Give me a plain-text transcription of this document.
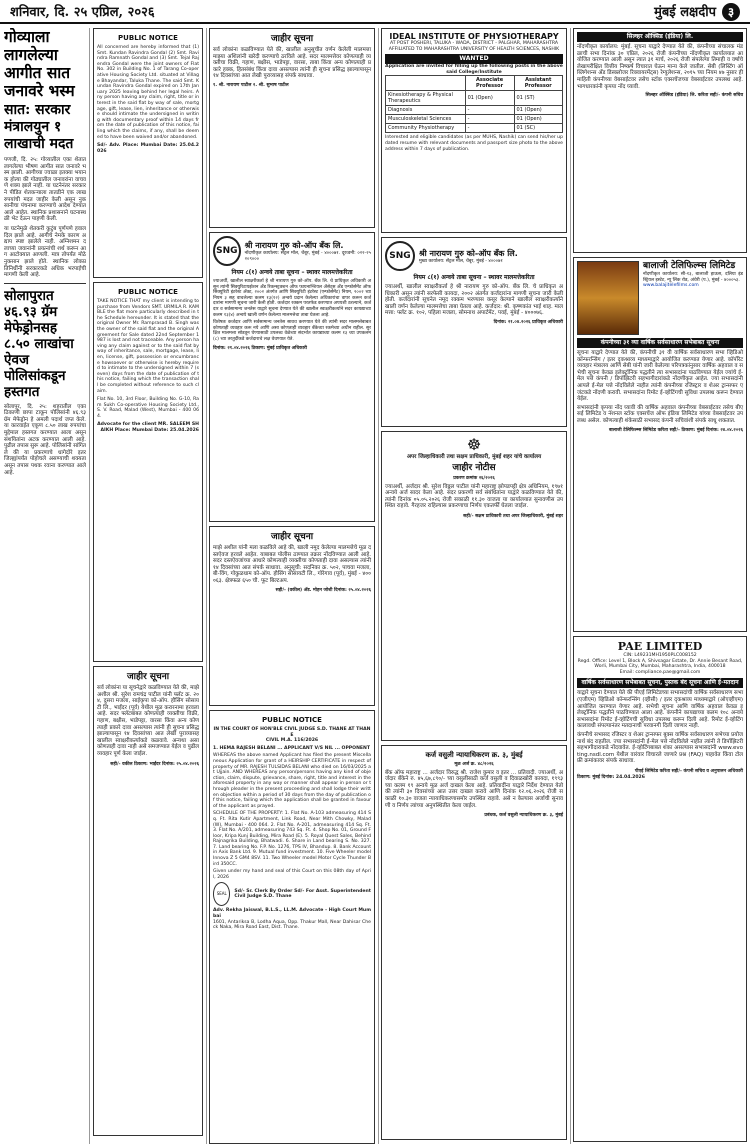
शनिवार, दि. २५ एप्रिल, २०२६	मुंबई लक्षदीप ३
गोव्याला लागलेल्या आगीत सात जनावरे भस्म
सात: सरकार मंत्रालयुन १ लाखाची मदत
पणजी, दि. २५: गोव्यातील एका शेतात लागलेल्या भीषण आगीत सात जनावरे भस्म झाली. आगीच्या ज्वाळा इतक्या भयानक होत्या की गोठ्यातील जनावरांना वाचवणे शक्य झाले नाही. या घटनेनंतर सरकारने पीडित शेतकऱ्याला तातडीने एक लाख रुपयांची मदत जाहीर केली असून नुकसानीचा पंचनामा करण्याचे आदेश देण्यात आले आहेत. स्थानिक प्रशासनाने घटनास्थळी भेट देऊन पाहणी केली.
या घटनेमुळे शेतकरी कुटुंब पूर्णपणे हवालदिल झाले आहे. आगीचे नेमके कारण अद्याप स्पष्ट झालेले नाही. अग्निशमन दलाच्या जवानांनी प्रयत्नांची शर्थ करून आग आटोक्यात आणली. मात्र तोपर्यंत मोठे नुकसान झाले होते. स्थानिक लोकप्रतिनिधींनी सरकारकडे अधिक भरपाईची मागणी केली आहे.
सोलापुरात ४६.९३ ग्रॅम मेफेड्रोनसह ८.५० लाखांचा ऐवज पोलिसांकडून हस्तगत
सोलापूर, दि. २५: शहरातील एका ठिकाणी छापा टाकून पोलिसांनी ४६.९३ ग्रॅम मेफेड्रोन हे अमली पदार्थ जप्त केले. या कारवाईत एकूण ८.५० लाख रुपयांचा मुद्देमाल हस्तगत करण्यात आला असून संशयितांना अटक करण्यात आली आहे. पुढील तपास सुरू आहे. पोलिसांनी सांगितले की या प्रकरणाचे धागेदोरे इतर जिल्ह्यांपर्यंत पोहोचले असण्याची शक्यता असून तपास पथक रवाना करण्यात आले आहे.
PUBLIC NOTICE
All concerned are hereby informed that (1) Smt. Kundan Ravindra Gondal (2) Smt. Ravindra Ramnath Gondal and (3) Smt. Tejal Rajendra Gondal were the joint owners of Flat No. 302 in Building No. 1 of Tarang Co-operative Housing Society Ltd. situated at Village Bhayandar, Taluka Thane. The said Smt. Kundan Ravindra Gondal expired on 17th January 2025 leaving behind her legal heirs. Any person having any claim, right, title or interest in the said flat by way of sale, mortgage, gift, lease, lien, inheritance or otherwise should intimate the undersigned in writing with documentary proof within 14 days from the date of publication of this notice, failing which the claims, if any, shall be deemed to have been waived and/or abandoned.
Sd/- Adv. Place: Mumbai Date: 25.04.2026
PUBLIC NOTICE
TAKE NOTICE THAT my client is intending to purchase from Vendors SMT. URMILA R. KAMBLE the flat more particularly described in the Schedule hereunder. It is stated that the original Owner Mr. Ramprasad B. Singh was the owner of the said flat and the original Agreement for Sale dated 22nd September 1987 is lost and not traceable. Any person having any claim against or to the said flat by way of inheritance, sale, mortgage, lease, lien, license, gift, possession or encumbrance howsoever or otherwise is hereby required to intimate to the undersigned within 7 (seven) days from the date of publication of this notice, failing which the transaction shall be completed without reference to such claim.
Flat No. 10, 3rd Floor, Building No. G-10, Ram Sukh Co-operative Housing Society Ltd., S. V. Road, Malad (West), Mumbai - 400 064.
Advocate for the client MR. SALEEM SHAIKH Place: Mumbai Date: 25.04.2026
जाहीर सूचना
सर्व लोकांना या सूचनेद्वारे कळविण्यात येते की, माझे अशील श्री. सुरेश रामचंद्र पाटील यांनी फ्लॅट क्र. २०४, दुसरा मजला, साईकृपा को-ऑप. हौसिंग सोसायटी लि., भाईंदर (पूर्व) येथील मूळ करारनामा हरवला आहे. सदर फ्लॅटबाबत कोणत्याही व्यक्तीचा विक्री, गहाण, बक्षीस, भाडेपट्टा, वारसा किंवा अन्य कोणत्याही प्रकारे दावा असल्यास त्यांनी ही सूचना प्रसिद्ध झाल्यापासून १४ दिवसांच्या आत लेखी पुराव्यासह खालील स्वाक्षरीकर्त्याकडे कळवावे. अन्यथा असा कोणताही दावा नाही असे समजण्यात येईल व पुढील व्यवहार पूर्ण केला जाईल.
सही/- वकील ठिकाण: भाईंदर दिनांक: २५.०४.२०२६
जाहीर सूचना
सर्व लोकांना कळविण्यात येते की, खालील अनुसूचीत वर्णन केलेली मालमत्ता माझ्या अशिलांनी खरेदी करण्याचे ठरविले आहे. सदर मालमत्तेवर कोणत्याही व्यक्तीचा विक्री, गहाण, बक्षीस, भाडेपट्टा, वारसा, ताबा किंवा अन्य कोणत्याही प्रकारे हक्क, हितसंबंध किंवा दावा असल्यास त्यांनी ही सूचना प्रसिद्ध झाल्यापासून १४ दिवसांच्या आत लेखी पुराव्यासह संपर्क साधावा.
१. श्री. नारायण पाटील २. श्री. सुभाष पाटील
SNG
श्री नारायण गुरु को-ऑप बँक लि.
नोंदणीकृत कार्यालय: सेंट्रल मॉल, चेंबूर, मुंबई - ४०००७१. दूरध्वनी: ०२२-२५२०९०००
नियम ८(१) अन्वये ताबा सूचना – स्थावर मालमत्तेकरिता
ज्याअर्थी, खालील स्वाक्षरीकर्ता हे श्री नारायण गुरु को-ऑप. बँक लि. चे प्राधिकृत अधिकारी असून त्यांनी सिक्युरिटायझेशन अँड रिकन्स्ट्रक्शन ऑफ फायनान्शियल ॲसेट्स अँड एन्फोर्समेंट ऑफ सिक्युरिटी इंटरेस्ट ॲक्ट, २००२ अंतर्गत आणि सिक्युरिटी इंटरेस्ट (एन्फोर्समेंट) नियम, २००२ च्या नियम ३ सह वाचलेल्या कलम १३(१२) अन्वये प्रदान केलेल्या अधिकारांचा वापर करून कर्जदारांना मागणी सूचना जारी केली होती. कर्जदार रक्कम परतफेड करण्यात अपयशी ठरल्याने, कर्जदार व सर्वसामान्य जनतेस याद्वारे सूचना देण्यात येते की खालील स्वाक्षरीकर्त्याने सदर कायद्याच्या कलम १३(४) अन्वये खाली वर्णन केलेल्या मालमत्तेचा ताबा घेतला आहे.
विशेषतः कर्जदार आणि सर्वसामान्य जनतेस सावध करण्यात येते की त्यांनी सदर मालमत्तेबाबत कोणताही व्यवहार करू नये आणि असा कोणताही व्यवहार बँकेच्या रकमेच्या अधीन राहील. सुरक्षित मालमत्ता सोडवून घेण्यासाठी उपलब्ध वेळेच्या संदर्भात कायद्याच्या कलम १३ च्या उपकलम (८) च्या तरतुदींकडे कर्जदाराचे लक्ष वेधण्यात येते.
दिनांक: २१.०४.२०२६ ठिकाण: मुंबई प्राधिकृत अधिकारी
जाहीर सूचना
माझे अशील यांनी मला कळविले आहे की, खाली नमूद केलेल्या मालमत्तेचे मूळ दस्तऐवज हरवले आहेत. याबाबत पोलीस ठाण्यात तक्रार नोंदविण्यात आली आहे. सदर दस्तऐवजांच्या आधारे कोणत्याही व्यक्तीचा कोणताही दावा असल्यास त्यांनी १४ दिवसांच्या आत संपर्क साधावा. अनुसूची: सदनिका क्र. ५०२, पाचवा मजला, बी-विंग, गोकुळधाम को-ऑप. हौसिंग सोसायटी लि., गोरेगाव (पूर्व), मुंबई - ४०००६३. क्षेत्रफळ ६५० चौ. फूट बिल्टअप.
सही/- (वकील) अ‍ॅड. मोहन जोशी दिनांक: २५.०४.२०२६
PUBLIC NOTICE
IN THE COURT OF HON'BLE CIVIL JUDGE S.D. THANE AT THANE
CIVIL M.A. 116/2026
1. HEMA RAJESH BELANI ... APPLICANT V/S NIL ... OPPONENT
WHEREAS the above named Applicant has filed the present Miscellaneous Application for grant of a HEIRSHIP CERTIFICATE in respect of property of MR. RAJESH TULSIDAS BELANI who died on 16/03/2025 at Ujjain. AND WHEREAS any person/persons having any kind of objection, claim, dispute, grievance, share, right, title and interest in the aforesaid property in any way or manner shall appear in person or through pleader in the present proceeding and shall lodge their written objection within a period of 30 days from the day of publication of this notice, failing which the application shall be granted in favour of the applicant as prayed.
SCHEDULE OF THE PROPERTY: 1. Flat No. A-103 admeasuring 414 Sq. Ft. Rita Kutir Apartment, Link Road, Near Mith Chowky, Malad (W), Mumbai - 400 064. 2. Flat No. A-201, admeasuring 414 Sq. Ft. 3. Flat No. A/201, admeasuring 743 Sq. Ft. 4. Shop No. 01, Ground Floor, Kripa Kunj Building, Mira Road (E). 5. Royal Quest Sales, Behind Rajnagrika Building, Bhatwadi. 6. Share in Land bearing S. No. 327. 7. Land bearing No. F.P. No. 1276, TPS IV, Bhandup. 8. Bank Account in Axis Bank Ltd. 9. Mutual fund investment. 10. Five Wheeler model Innova Z 5 GM4 8SV. 11. Two Wheeler model Motor Cycle Thunder Bird 350CC.
Given under my hand and seal of this Court on this 08th day of April, 2026
SEAL
Sd/- Sr. Clerk By Order Sd/- For Asst. Superintendent Civil Judge S.D. Thane
Adv. Rekha Jaiswal, B.L.S., LL.M. Advocate - High Court Mumbai
1601, Antariksa B, Lodha Aqua, Opp. Thakur Mall, Near Dahisar Check Naka, Mira Road East, Dist. Thane.
IDEAL INSTITUTE OF PHYSIOTHERAPY
AT POST POSHERI, TALUKA - WADA, DISTRICT - PALGHAR, MAHARASHTRA
AFFILIATED TO MAHARASHTRA UNIVERSITY OF HEALTH SCIENCES, NASHIK
WANTED
Application are invited for filling up the following posts in the above said College/Institute
	Associate Professor	Assistant Professor
Kinesiotherapy & Physical Therapeutics	01 (Open)	01 (ST)
Diagnosis	-	01 (Open)
Musculoskeletal Sciences	-	01 (Open)
Community Physiotherapy	-	01 (SC)
Interested and eligible candidates (as per MUHS, Nashik) can send his/her updated resume with relevant documents and passport size photo to the above address within 7 days of publication.
SNG	श्री नारायण गुरु को-ऑप बँक लि.
मुख्य कार्यालय: सेंट्रल मॉल, चेंबूर, मुंबई - ४०००७१
नियम ८(१) अन्वये ताबा सूचना – स्थावर मालमत्तेकरिता
ज्याअर्थी, खालील स्वाक्षरीकर्ता हे श्री नारायण गुरु को-ऑप. बँक लि. चे प्राधिकृत अधिकारी असून त्यांनी सरफेसी कायदा, २००२ अंतर्गत कर्जदारांना मागणी सूचना जारी केली होती. कर्जदारांनी सूचनेत नमूद रक्कम भरण्यास कसूर केल्याने खालील स्वाक्षरीकर्त्याने खाली वर्णन केलेल्या मालमत्तेचा ताबा घेतला आहे. कर्जदार: श्री. कृष्णकांत भाई शाह. मालमत्ता: फ्लॅट क्र. १०२, पहिला मजला, सोमनाथ अपार्टमेंट, पवई, मुंबई - ४०००७६.
दिनांक: २१.०४.२०२६ प्राधिकृत अधिकारी
☸
अपर जिल्हाधिकारी तथा सक्षम प्राधिकारी, मुंबई शहर यांचे कार्यालय
जाहीर नोटीस
प्रकरण क्रमांक २६/२०२६
ज्याअर्थी, अर्जदार श्री. सुरेश विठ्ठल पाटील यांनी महाराष्ट्र झोपडपट्टी क्षेत्र अधिनियम, १९७१ अन्वये अर्ज सादर केला आहे. सदर प्रकरणी सर्व संबंधितांना याद्वारे कळविण्यात येते की, त्यांनी दिनांक ०५.०५.२०२६ रोजी सकाळी ११.३० वाजता या कार्यालयात सुनावणीस उपस्थित राहावे. गैरहजर राहिल्यास प्रकरणाचा निर्णय एकतर्फी घेतला जाईल.
सही/- सक्षम प्राधिकारी तथा अपर जिल्हाधिकारी, मुंबई शहर
कर्ज वसुली न्यायाधिकरण क्र. ३, मुंबई
मूळ अर्ज क्र. ४८/२०२६
बँक ऑफ महाराष्ट्र ... अर्जदार विरुद्ध श्री. राजेश कुमार व इतर ... प्रतिवादी. ज्याअर्थी, अर्जदार बँकेने रु. ४५,६७,८९०/- च्या वसुलीसाठी कर्ज वसुली व दिवाळखोरी कायदा, १९९३ च्या कलम १९ अन्वये मूळ अर्ज दाखल केला आहे. प्रतिवादींना याद्वारे निर्देश देण्यात येतो की त्यांनी ३० दिवसांच्या आत उत्तर दाखल करावे आणि दिनांक १२.०६.२०२६ रोजी सकाळी १०.३० वाजता न्यायाधिकरणासमोर उपस्थित राहावे. असे न केल्यास अर्जाची सुनावणी व निर्णय त्यांच्या अनुपस्थितीत केला जाईल.
प्रबंधक, कर्ज वसुली न्यायाधिकरण क्र. ३, मुंबई
सिल्व्हर ऑक्सिड (इंडिया) लि.
नोंदणीकृत कार्यालय: मुंबई. सूचना याद्वारे देण्यात येते की, कंपनीच्या संचालक मंडळाची सभा दिनांक ३० एप्रिल, २०२६ रोजी कंपनीच्या नोंदणीकृत कार्यालयात आयोजित करण्यात आली असून त्यात ३१ मार्च, २०२६ रोजी संपलेल्या तिमाही व वर्षाचे लेखापरीक्षित वित्तीय निष्कर्ष विचारात घेऊन मान्य केले जातील. सेबी (लिस्टिंग ऑब्लिगेशन्स अँड डिस्क्लोजर रिक्वायरमेंट्स) रेग्युलेशन्स, २०१५ च्या नियम ४७ नुसार ही माहिती कंपनीच्या वेबसाईटवर तसेच स्टॉक एक्सचेंजच्या वेबसाईटवर उपलब्ध आहे. भागधारकांनी कृपया नोंद घ्यावी.
सिल्व्हर ऑक्सिड (इंडिया) लि. करिता सही/- कंपनी सचिव
बालाजी टेलिफिल्म्स लिमिटेड
नोंदणीकृत कार्यालय: सी-१३, बालाजी हाऊस, दलिया इंडस्ट्रियल इस्टेट, न्यू लिंक रोड, अंधेरी (प.), मुंबई - ४०००५३.
www.balajitelefilms.com
कंपनीच्या ३१ व्या वार्षिक सर्वसाधारण सभेबाबत सूचना
सूचना याद्वारे देण्यात येते की, कंपनीची ३१ वी वार्षिक सर्वसाधारण सभा व्हिडिओ कॉन्फरन्सिंग / इतर दृकश्राव्य माध्यमाद्वारे आयोजित करण्यात येणार आहे. कॉर्पोरेट व्यवहार मंत्रालय आणि सेबी यांनी जारी केलेल्या परिपत्रकांनुसार वार्षिक अहवाल व सभेची सूचना केवळ इलेक्ट्रॉनिक पद्धतीने त्या सभासदांना पाठविण्यात येईल ज्यांचे ई-मेल पत्ते कंपनी / डिपॉझिटरी सहभागीदारांकडे नोंदणीकृत आहेत. ज्या सभासदांनी आपले ई-मेल पत्ते नोंदविलेले नाहीत त्यांनी कंपनीच्या रजिस्ट्रार व शेअर ट्रान्सफर एजंटकडे नोंदणी करावी. सभासदांना रिमोट ई-व्होटिंगची सुविधा उपलब्ध करून देण्यात येईल.
सभासदांनी कृपया नोंद घ्यावी की वार्षिक अहवाल कंपनीच्या वेबसाईटवर तसेच बीएसई लिमिटेड व नॅशनल स्टॉक एक्सचेंज ऑफ इंडिया लिमिटेड यांच्या वेबसाईटवर उपलब्ध असेल. कोणत्याही शंकेसाठी सभासद कंपनी सचिवांशी संपर्क साधू शकतात.
बालाजी टेलिफिल्म्स लिमिटेड करिता सही/- ठिकाण: मुंबई दिनांक: २४.०४.२०२६
PAE LIMITED
CIN: L49231MH1950PLC008152
Regd. Office: Level 1, Block A, Shivsagar Estate, Dr. Annie Besant Road, Worli, Mumbai City, Mumbai, Maharashtra, India, 400018
Email: compliance.pae@gmail.com
वार्षिक सर्वसाधारण सभेबाबत सूचना, पुस्तक बंद सूचना आणि ई-मतदान
याद्वारे सूचना देण्यात येते की पीएई लिमिटेडच्या सभासदांची वार्षिक सर्वसाधारण सभा (एजीएम) व्हिडिओ कॉन्फरन्सिंग (व्हीसी) / इतर दृकश्राव्य माध्यमाद्वारे (ओएव्हीएम) आयोजित करण्यात येणार आहे. सभेची सूचना आणि वार्षिक अहवाल केवळ इलेक्ट्रॉनिक पद्धतीने पाठविण्यात आला आहे. कंपनीने कायद्याच्या कलम १०८ अन्वये सभासदांना रिमोट ई-व्होटिंगची सुविधा उपलब्ध करून दिली आहे. रिमोट ई-व्होटिंग कालावधी संपल्यानंतर मतदानाची परवानगी दिली जाणार नाही.
कंपनीचे सभासद रजिस्टर व शेअर ट्रान्सफर बुक्स वार्षिक सर्वसाधारण सभेच्या प्रयोजनार्थ बंद राहतील. ज्या सभासदांनी ई-मेल पत्ते नोंदविलेले नाहीत त्यांनी ते डिपॉझिटरी सहभागीदाराकडे नोंदवावेत. ई-व्होटिंगबाबत शंका असल्यास सभासदांनी www.evoting.nsdl.com येथील वारंवार विचारले जाणारे प्रश्न (FAQ) पाहावेत किंवा टोल फ्री क्रमांकावर संपर्क साधावा.
पीएई लिमिटेड करिता सही/- कंपनी सचिव व अनुपालन अधिकारी
ठिकाण: मुंबई दिनांक: 24.04.2026
